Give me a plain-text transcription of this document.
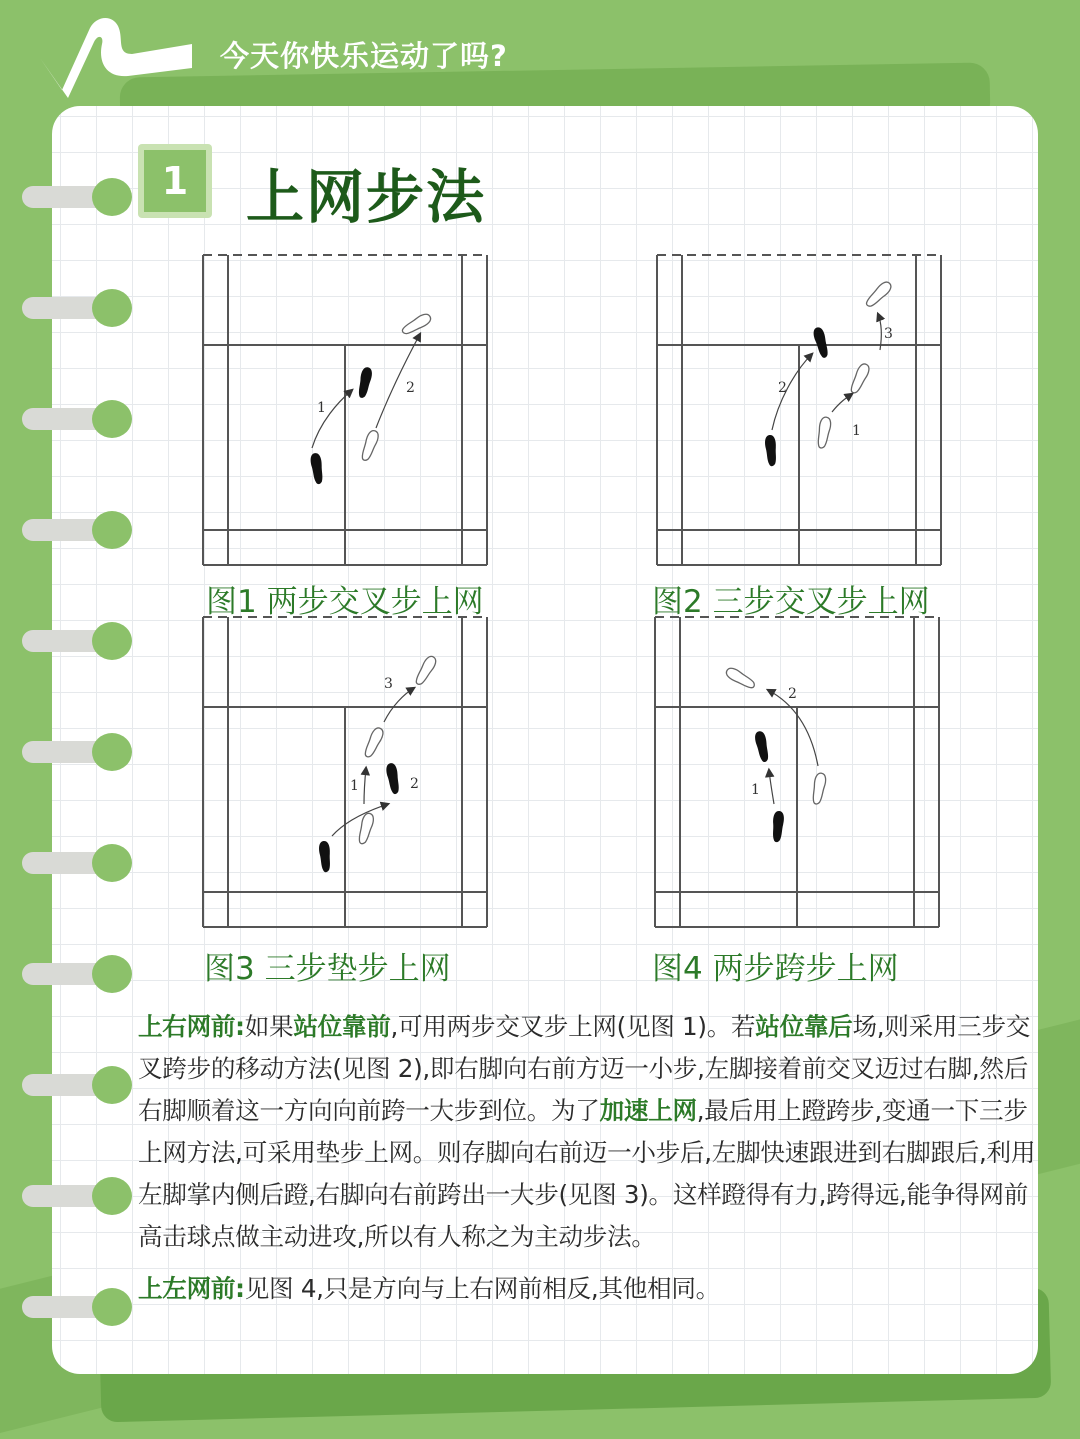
今天你快乐运动了吗?
1 上网步法
1
2	2
1
3
1	2
3
1
2
图1 两步交叉步上网	图2 三步交叉步上网
图3 三步垫步上网	图4 两步跨步上网

上右网前:如果站位靠前,可用两步交叉步上网(见图 1)。若站位靠后场,则采用三步交叉跨步的移动方法(见图 2),即右脚向右前方迈一小步,左脚接着前交叉迈过右脚,然后右脚顺着这一方向向前跨一大步到位。为了加速上网,最后用上蹬跨步,变通一下三步上网方法,可采用垫步上网。则存脚向右前迈一小步后,左脚快速跟进到右脚跟后,利用左脚掌内侧后蹬,右脚向右前跨出一大步(见图 3)。这样蹬得有力,跨得远,能争得网前高击球点做主动进攻,所以有人称之为主动步法。

上左网前:见图 4,只是方向与上右网前相反,其他相同。
